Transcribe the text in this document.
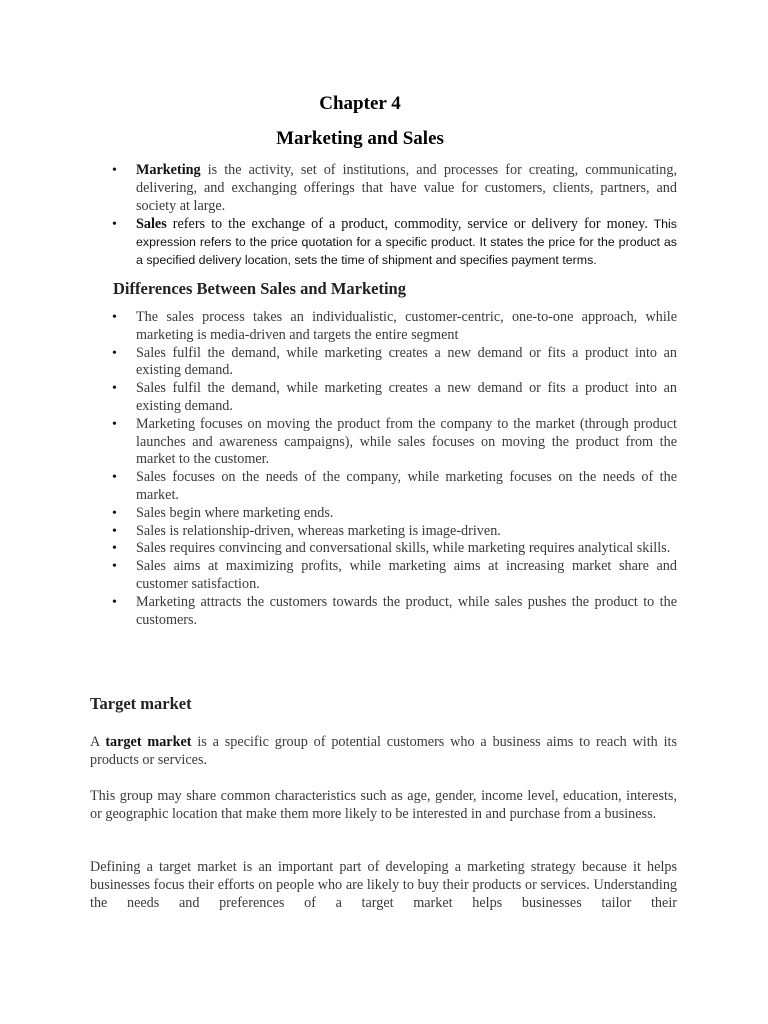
Chapter 4
Marketing and Sales
• Marketing is the activity, set of institutions, and processes for creating, communicating, delivering, and exchanging offerings that have value for customers, clients, partners, and society at large.
• Sales refers to the exchange of a product, commodity, service or delivery for money. This expression refers to the price quotation for a specific product. It states the price for the product as a specified delivery location, sets the time of shipment and specifies payment terms.
Differences Between Sales and Marketing
• The sales process takes an individualistic, customer-centric, one-to-one approach, while marketing is media-driven and targets the entire segment
• Sales fulfil the demand, while marketing creates a new demand or fits a product into an existing demand.
• Sales fulfil the demand, while marketing creates a new demand or fits a product into an existing demand.
• Marketing focuses on moving the product from the company to the market (through product launches and awareness campaigns), while sales focuses on moving the product from the market to the customer.
• Sales focuses on the needs of the company, while marketing focuses on the needs of the market.
• Sales begin where marketing ends.
• Sales is relationship-driven, whereas marketing is image-driven.
• Sales requires convincing and conversational skills, while marketing requires analytical skills.
• Sales aims at maximizing profits, while marketing aims at increasing market share and customer satisfaction.
• Marketing attracts the customers towards the product, while sales pushes the product to the customers.
Target market

A target market is a specific group of potential customers who a business aims to reach with its products or services.

This group may share common characteristics such as age, gender, income level, education, interests, or geographic location that make them more likely to be interested in and purchase from a business.

Defining a target market is an important part of developing a marketing strategy because it helps businesses focus their efforts on people who are likely to buy their products or services. Understanding the needs and preferences of a target market helps businesses tailor their
